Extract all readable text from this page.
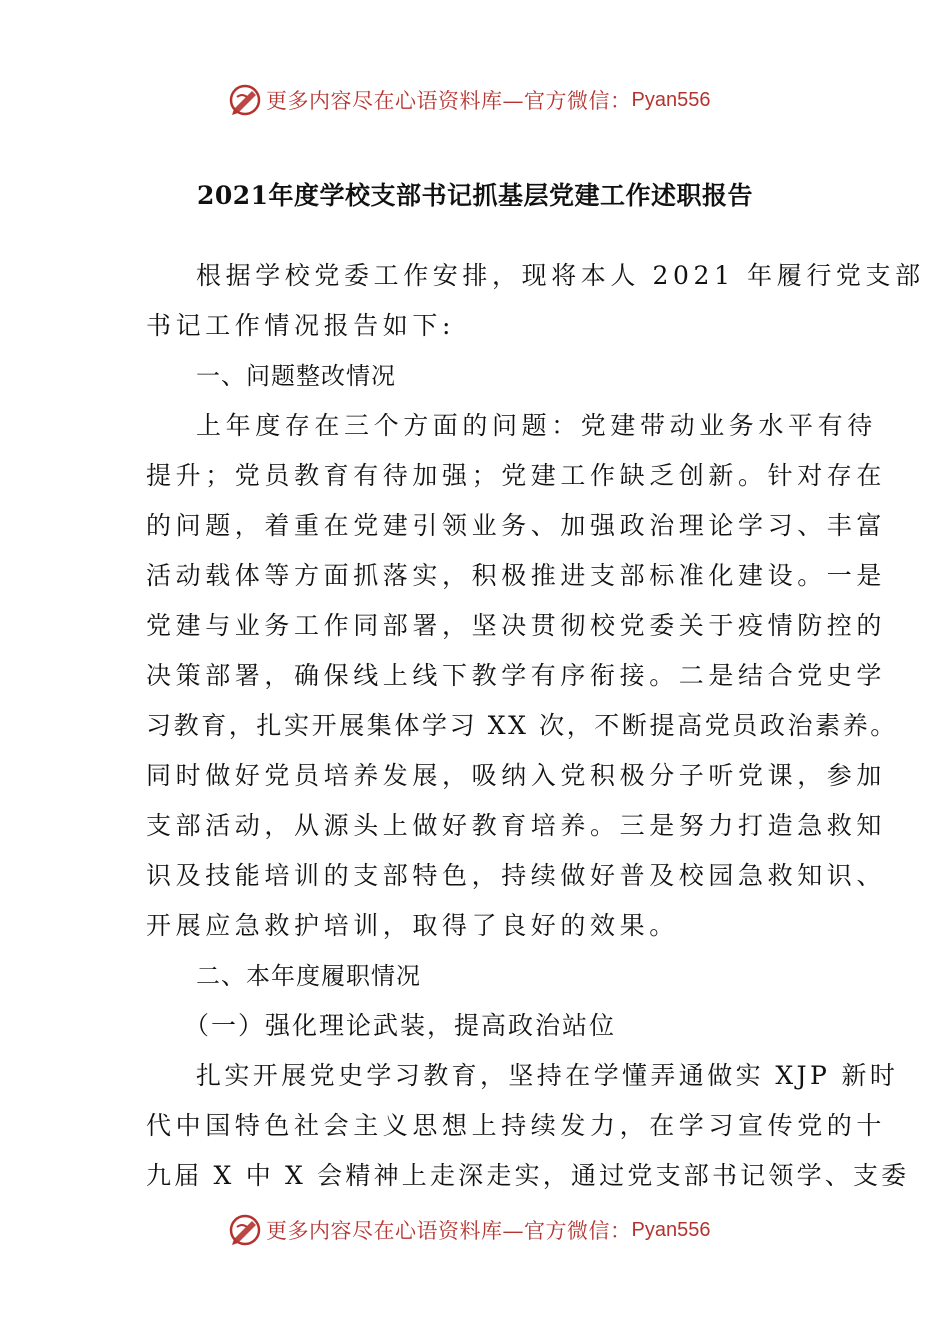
更多内容尽在心语资料库—官方微信： Pyan556
2021年度学校支部书记抓基层党建工作述职报告
根据学校党委工作安排，现将本人 2021 年履行党支部
书记工作情况报告如下:
一、问题整改情况
上年度存在三个方面的问题：党建带动业务水平有待
提升；党员教育有待加强；党建工作缺乏创新。针对存在
的问题，着重在党建引领业务、加强政治理论学习、丰富
活动载体等方面抓落实，积极推进支部标准化建设。一是
党建与业务工作同部署，坚决贯彻校党委关于疫情防控的
决策部署，确保线上线下教学有序衔接。二是结合党史学
习教育，扎实开展集体学习 XX 次，不断提高党员政治素养。
同时做好党员培养发展，吸纳入党积极分子听党课，参加
支部活动，从源头上做好教育培养。三是努力打造急救知
识及技能培训的支部特色，持续做好普及校园急救知识、
开展应急救护培训，取得了良好的效果。
二、本年度履职情况
（一）强化理论武装，提高政治站位
扎实开展党史学习教育，坚持在学懂弄通做实 XJP 新时
代中国特色社会主义思想上持续发力，在学习宣传党的十
九届 X 中 X 会精神上走深走实，通过党支部书记领学、支委
更多内容尽在心语资料库—官方微信： Pyan556
